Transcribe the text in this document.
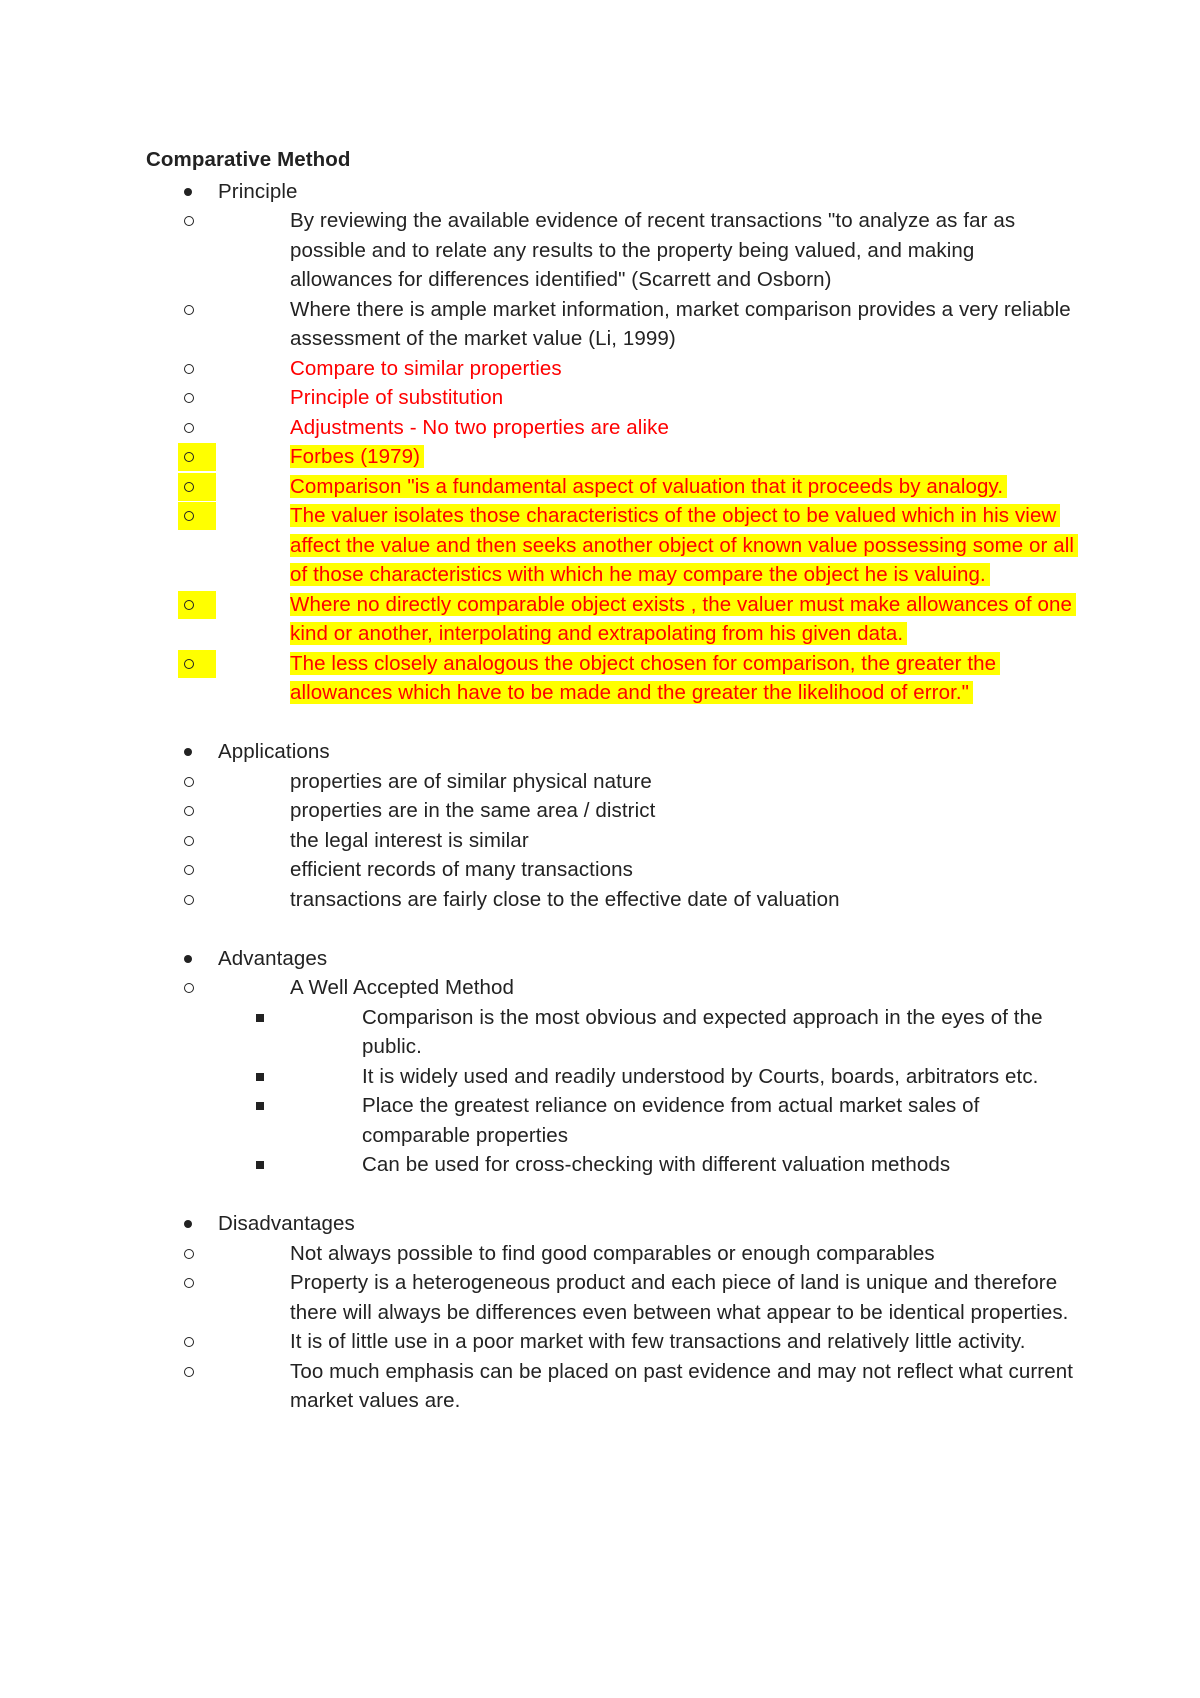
Comparative Method
Principle
By reviewing the available evidence of recent transactions "to analyze as far as possible and to relate any results to the property being valued, and making allowances for differences identified" (Scarrett and Osborn)
Where there is ample market information, market comparison provides a very reliable assessment of the market value (Li, 1999)
Compare to similar properties
Principle of substitution
Adjustments - No two properties are alike
Forbes (1979)
Comparison "is a fundamental aspect of valuation that it proceeds by analogy.
The valuer isolates those characteristics of the object to be valued which in his view affect the value and then seeks another object of known value possessing some or all of those characteristics with which he may compare the object he is valuing.
Where no directly comparable object exists , the valuer must make allowances of one kind or another, interpolating and extrapolating from his given data.
The less closely analogous the object chosen for comparison, the greater the allowances which have to be made and the greater the likelihood of error."
Applications
properties are of similar physical nature
properties are in the same area / district
the legal interest is similar
efficient records of many transactions
transactions are fairly close to the effective date of valuation
Advantages
A Well Accepted Method
Comparison is the most obvious and expected approach in the eyes of the public.
It is widely used and readily understood by Courts, boards, arbitrators etc.
Place the greatest reliance on evidence from actual market sales of comparable properties
Can be used for cross-checking with different valuation methods
Disadvantages
Not always possible to find good comparables or enough comparables
Property is a heterogeneous product and each piece of land is unique and therefore there will always be differences even between what appear to be identical properties.
It is of little use in a poor market with few transactions and relatively little activity.
Too much emphasis can be placed on past evidence and may not reflect what current market values are.
